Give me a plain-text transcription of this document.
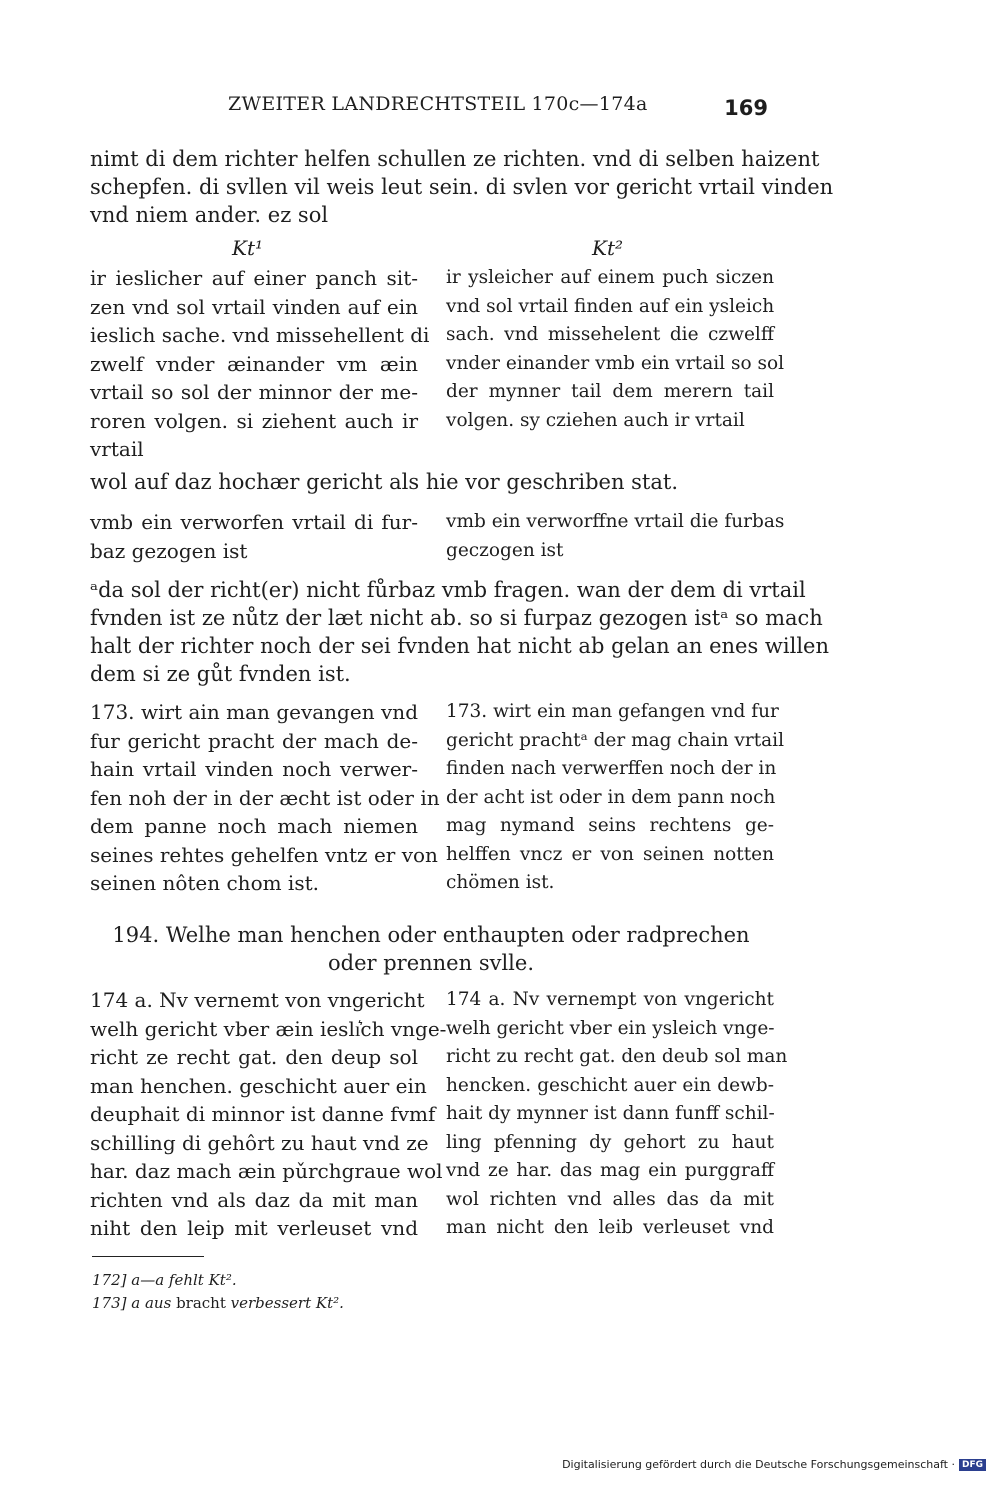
ZWEITER LANDRECHTSTEIL 170c—174a	169
nimt di dem richter helfen schullen ze richten. vnd di selben haizent
schepfen. di svllen vil weis leut sein. di svlen vor gericht vrtail vinden
vnd niem ander. ez sol
Kt¹	Kt²
ir ieslicher auf einer panch sit-
zen vnd sol vrtail vinden auf ein
ieslich sache. vnd missehellent di
zwelf vnder æinander vm æin
vrtail so sol der minnor der me-
roren volgen. si ziehent auch ir
vrtail
ir ysleicher auf einem puch siczen
vnd sol vrtail finden auf ein ysleich
sach. vnd missehelent die czwelff
vnder einander vmb ein vrtail so sol
der mynner tail dem merern tail
volgen. sy cziehen auch ir vrtail
wol auf daz hochær gericht als hie vor geschriben stat.
vmb ein verworfen vrtail di fur-
baz gezogen ist
vmb ein verworffne vrtail die furbas
geczogen ist
ᵃda sol der richt(er) nicht fůrbaz vmb fragen. wan der dem di vrtail
fvnden ist ze nůtz der læt nicht ab. so si furpaz gezogen istᵃ so mach
halt der richter noch der sei fvnden hat nicht ab gelan an enes willen
dem si ze gůt fvnden ist.
173. wirt ain man gevangen vnd
fur gericht pracht der mach de-
hain vrtail vinden noch verwer-
fen noh der in der æcht ist oder in
dem panne noch mach niemen
seines rehtes gehelfen vntz er von
seinen nôten chom ist.
173. wirt ein man gefangen vnd fur
gericht prachtᵃ der mag chain vrtail
finden nach verwerffen noch der in
der acht ist oder in dem pann noch
mag nymand seins rechtens ge-
helffen vncz er von seinen notten
chömen ist.
194. Welhe man henchen oder enthaupten oder radprechen
oder prennen svlle.
174 a. Nv vernemt von vngericht
welh gericht vber æin ieslı͛ch vnge-
richt ze recht gat. den deup sol
man henchen. geschicht auer ein
deuphait di minnor ist danne fvmf
schilling di gehôrt zu haut vnd ze
har. daz mach æin pǔrchgraue wol
richten vnd als daz da mit man
niht den leip mit verleuset vnd
174 a. Nv vernempt von vngericht
welh gericht vber ein ysleich vnge-
richt zu recht gat. den deub sol man
hencken. geschicht auer ein dewb-
hait dy mynner ist dann funff schil-
ling pfenning dy gehort zu haut
vnd ze har. das mag ein purggraff
wol richten vnd alles das da mit
man nicht den leib verleuset vnd
172] a—a fehlt Kt².
173] a aus bracht verbessert Kt².
Digitalisierung gefördert durch die Deutsche Forschungsgemeinschaft · DFG
